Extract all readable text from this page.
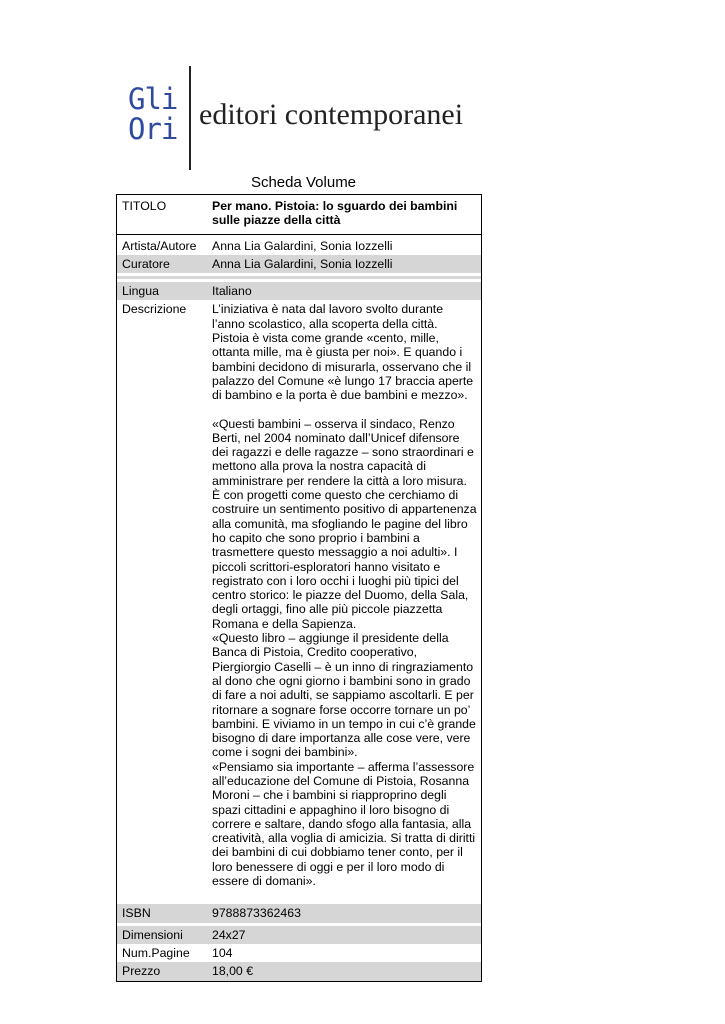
Gli
Ori editori contemporanei
Scheda Volume
TITOLO	Per mano. Pistoia: lo sguardo dei bambini sulle piazze della città
Artista/Autore	Anna Lia Galardini, Sonia Iozzelli
Curatore	Anna Lia Galardini, Sonia Iozzelli

Lingua	Italiano
Descrizione	L’iniziativa è nata dal lavoro svolto durante l’anno scolastico, alla scoperta della città. Pistoia è vista come grande «cento, mille, ottanta mille, ma è giusta per noi». E quando i bambini decidono di misurarla, osservano che il palazzo del Comune «è lungo 17 braccia aperte di bambino e la porta è due bambini e mezzo».

«Questi bambini – osserva il sindaco, Renzo Berti, nel 2004 nominato dall’Unicef difensore dei ragazzi e delle ragazze – sono straordinari e mettono alla prova la nostra capacità di amministrare per rendere la città a loro misura. È con progetti come questo che cerchiamo di costruire un sentimento positivo di appartenenza alla comunità, ma sfogliando le pagine del libro ho capito che sono proprio i bambini a trasmettere questo messaggio a noi adulti». I piccoli scrittori-esploratori hanno visitato e registrato con i loro occhi i luoghi più tipici del centro storico: le piazze del Duomo, della Sala, degli ortaggi, fino alle più piccole piazzetta Romana e della Sapienza.

«Questo libro – aggiunge il presidente della Banca di Pistoia, Credito cooperativo, Piergiorgio Caselli – è un inno di ringraziamento al dono che ogni giorno i bambini sono in grado di fare a noi adulti, se sappiamo ascoltarli. E per ritornare a sognare forse occorre tornare un po’ bambini. E viviamo in un tempo in cui c’è grande bisogno di dare importanza alle cose vere, vere come i sogni dei bambini».

«Pensiamo sia importante – afferma l’assessore all’educazione del Comune di Pistoia, Rosanna Moroni – che i bambini si riapproprino degli spazi cittadini e appaghino il loro bisogno di correre e saltare, dando sfogo alla fantasia, alla creatività, alla voglia di amicizia. Si tratta di diritti dei bambini di cui dobbiamo tener conto, per il loro benessere di oggi e per il loro modo di essere di domani».

ISBN	9788873362463

Dimensioni	24x27
Num.Pagine	104
Prezzo	18,00 €
